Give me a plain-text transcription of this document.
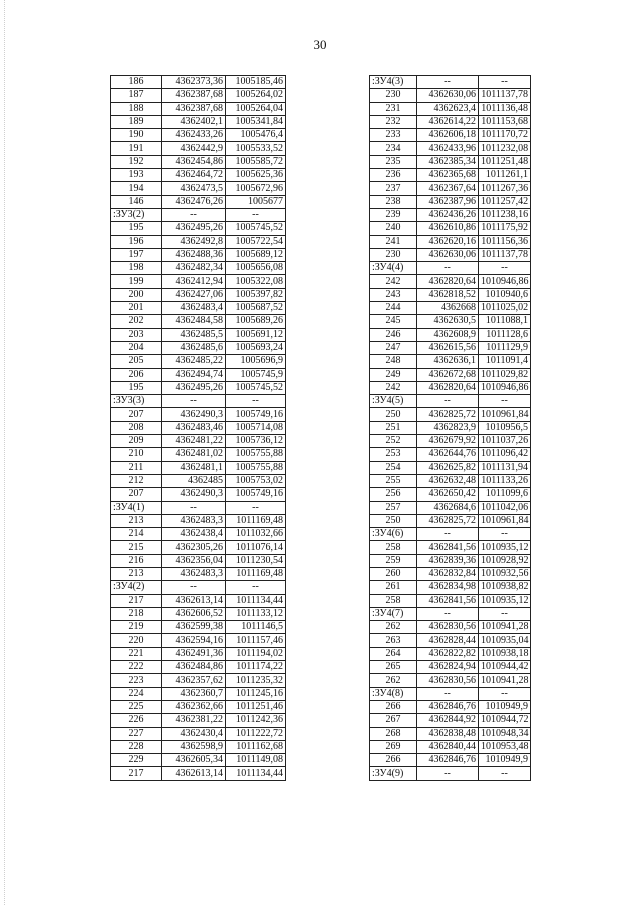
30
186	4362373,36	1005185,46
187	4362387,68	1005264,02
188	4362387,68	1005264,04
189	4362402,1	1005341,84
190	4362433,26	1005476,4
191	4362442,9	1005533,52
192	4362454,86	1005585,72
193	4362464,72	1005625,36
194	4362473,5	1005672,96
146	4362476,26	1005677
:ЗУ3(2)	--	--
195	4362495,26	1005745,52
196	4362492,8	1005722,54
197	4362488,36	1005689,12
198	4362482,34	1005656,08
199	4362412,94	1005322,08
200	4362427,06	1005397,82
201	4362483,4	1005687,52
202	4362484,58	1005689,26
203	4362485,5	1005691,12
204	4362485,6	1005693,24
205	4362485,22	1005696,9
206	4362494,74	1005745,9
195	4362495,26	1005745,52
:ЗУ3(3)	--	--
207	4362490,3	1005749,16
208	4362483,46	1005714,08
209	4362481,22	1005736,12
210	4362481,02	1005755,88
211	4362481,1	1005755,88
212	4362485	1005753,02
207	4362490,3	1005749,16
:ЗУ4(1)	--	--
213	4362483,3	1011169,48
214	4362438,4	1011032,66
215	4362305,26	1011076,14
216	4362356,04	1011230,54
213	4362483,3	1011169,48
:ЗУ4(2)	--	--
217	4362613,14	1011134,44
218	4362606,52	1011133,12
219	4362599,38	1011146,5
220	4362594,16	1011157,46
221	4362491,36	1011194,02
222	4362484,86	1011174,22
223	4362357,62	1011235,32
224	4362360,7	1011245,16
225	4362362,66	1011251,46
226	4362381,22	1011242,36
227	4362430,4	1011222,72
228	4362598,9	1011162,68
229	4362605,34	1011149,08
217	4362613,14	1011134,44
:ЗУ4(3)	--	--
230	4362630,06	1011137,78
231	4362623,4	1011136,48
232	4362614,22	1011153,68
233	4362606,18	1011170,72
234	4362433,96	1011232,08
235	4362385,34	1011251,48
236	4362365,68	1011261,1
237	4362367,64	1011267,36
238	4362387,96	1011257,42
239	4362436,26	1011238,16
240	4362610,86	1011175,92
241	4362620,16	1011156,36
230	4362630,06	1011137,78
:ЗУ4(4)	--	--
242	4362820,64	1010946,86
243	4362818,52	1010940,6
244	4362668	1011025,02
245	4362630,5	1011088,1
246	4362608,9	1011128,6
247	4362615,56	1011129,9
248	4362636,1	1011091,4
249	4362672,68	1011029,82
242	4362820,64	1010946,86
:ЗУ4(5)	--	--
250	4362825,72	1010961,84
251	4362823,9	1010956,5
252	4362679,92	1011037,26
253	4362644,76	1011096,42
254	4362625,82	1011131,94
255	4362632,48	1011133,26
256	4362650,42	1011099,6
257	4362684,6	1011042,06
250	4362825,72	1010961,84
:ЗУ4(6)	--	--
258	4362841,56	1010935,12
259	4362839,36	1010928,92
260	4362832,84	1010932,56
261	4362834,98	1010938,82
258	4362841,56	1010935,12
:ЗУ4(7)	--	--
262	4362830,56	1010941,28
263	4362828,44	1010935,04
264	4362822,82	1010938,18
265	4362824,94	1010944,42
262	4362830,56	1010941,28
:ЗУ4(8)	--	--
266	4362846,76	1010949,9
267	4362844,92	1010944,72
268	4362838,48	1010948,34
269	4362840,44	1010953,48
266	4362846,76	1010949,9
:ЗУ4(9)	--	--
